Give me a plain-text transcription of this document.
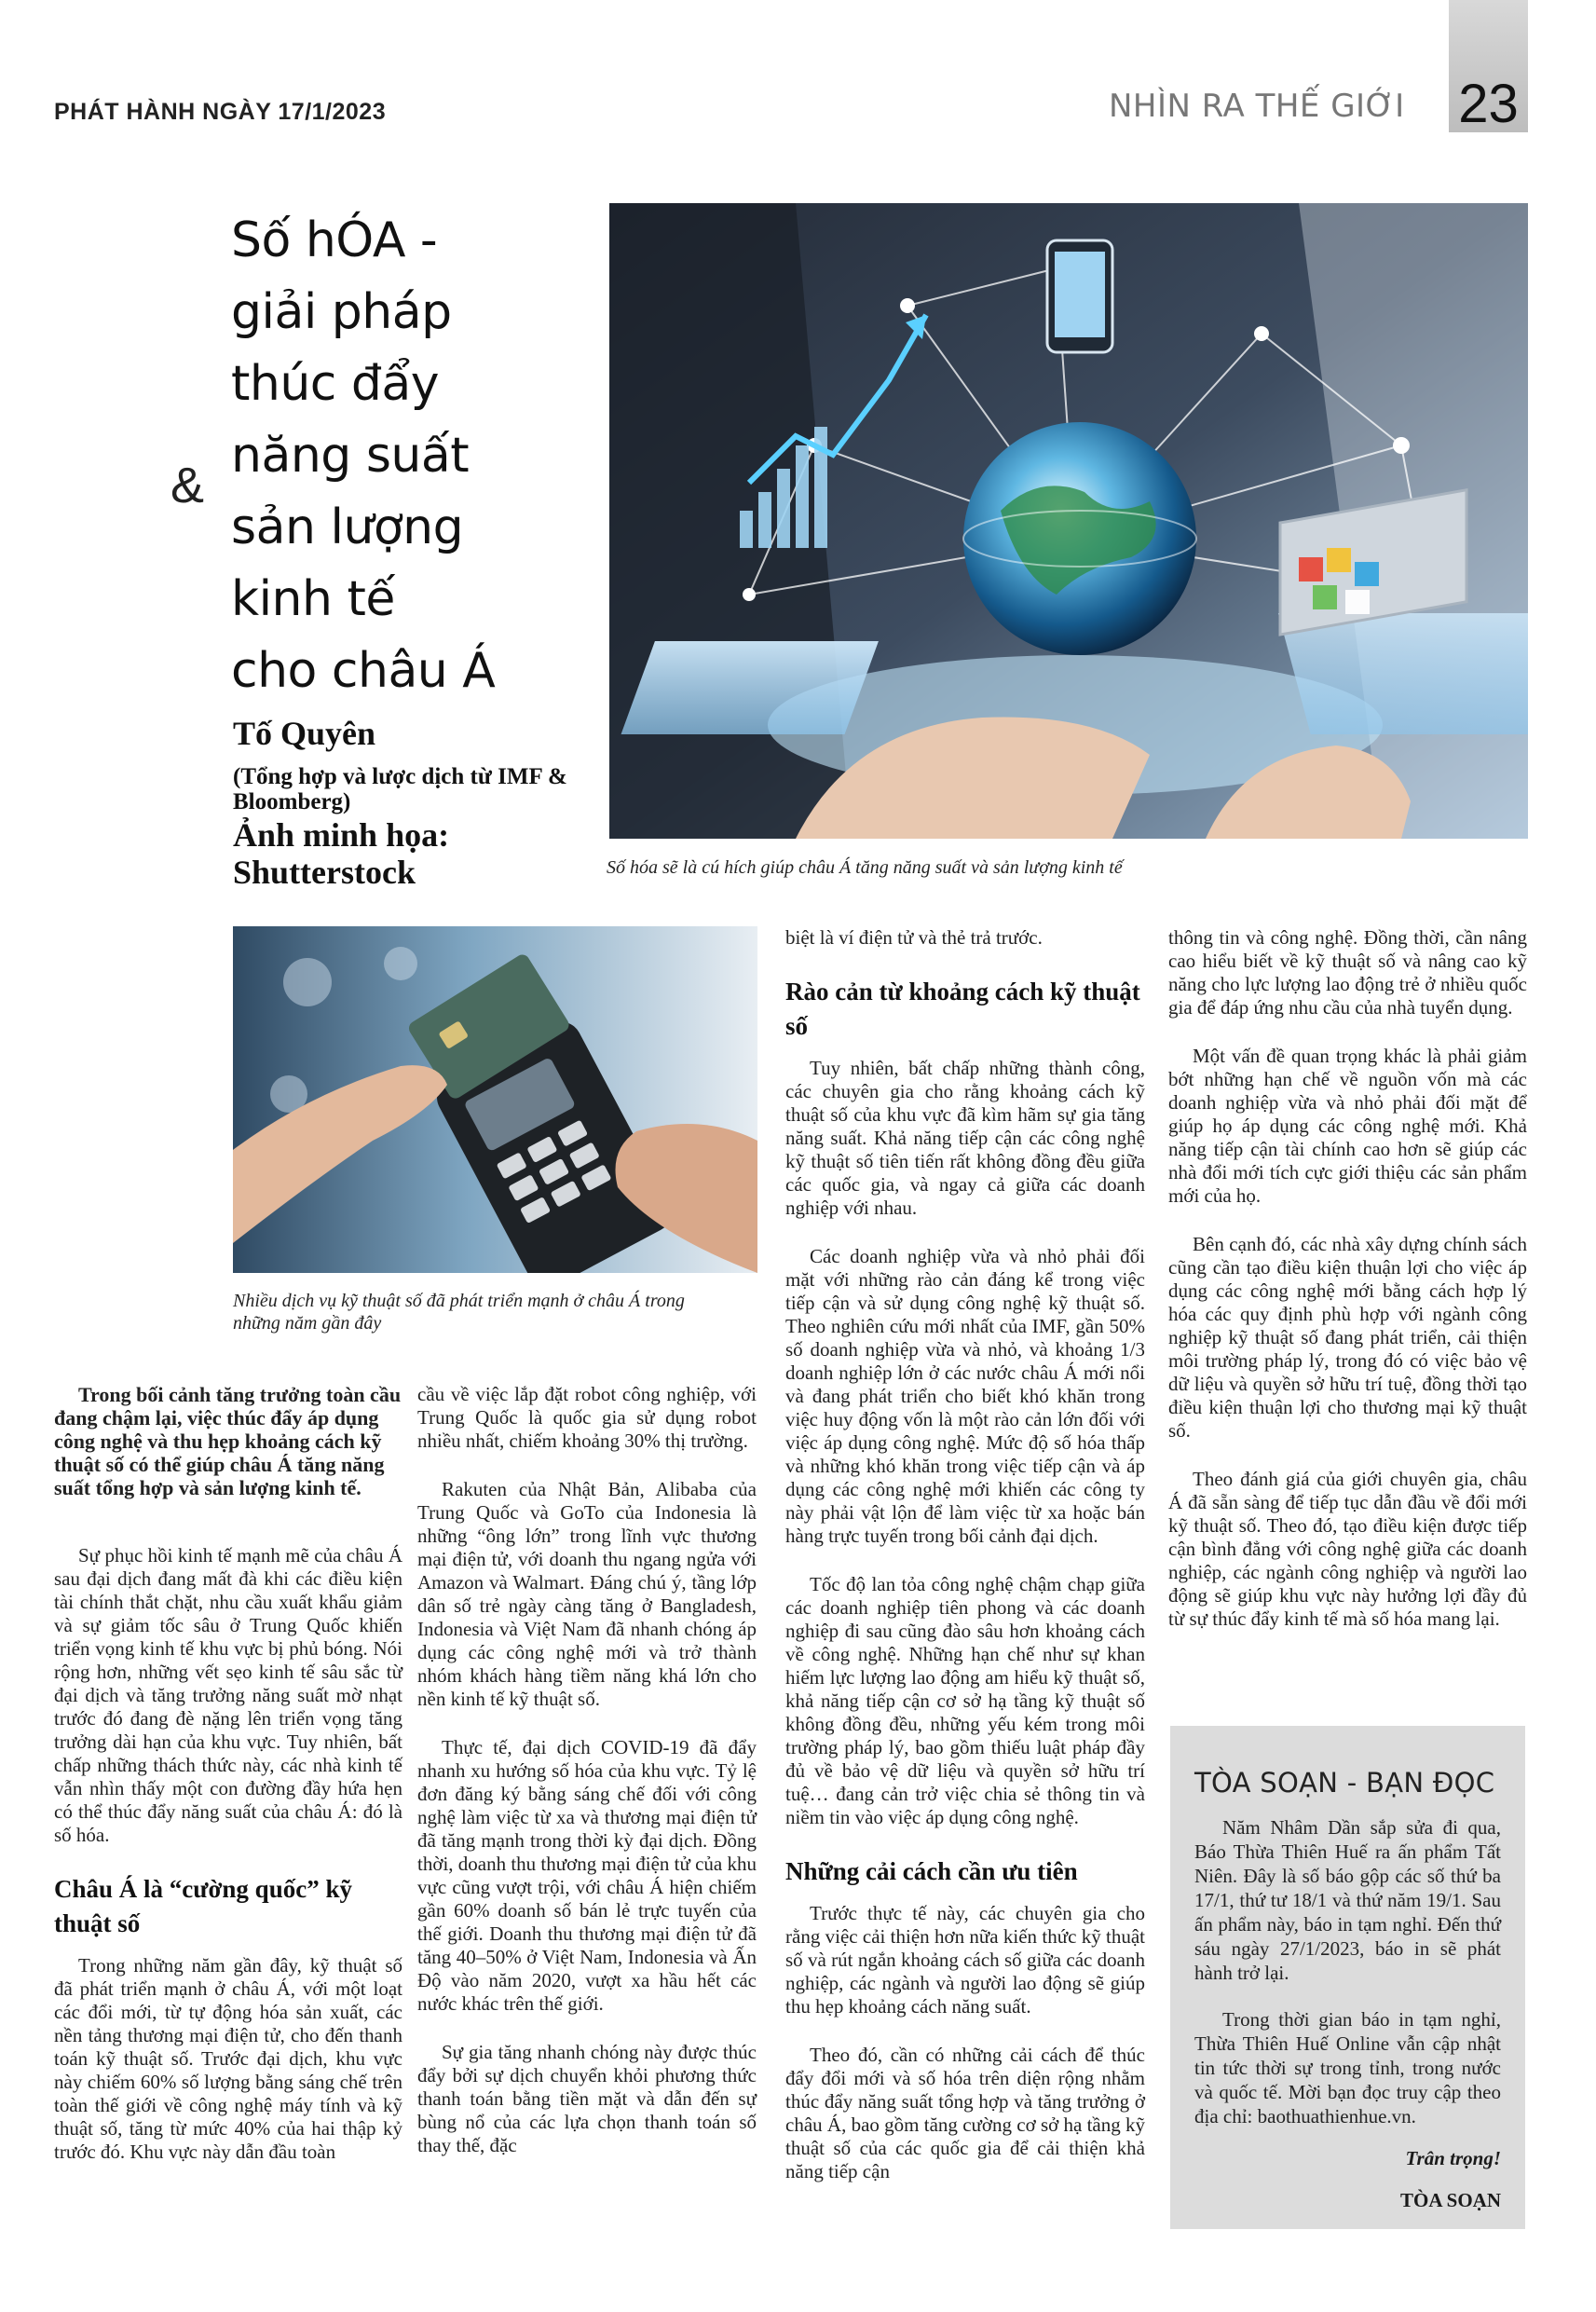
PHÁT HÀNH NGÀY 17/1/2023	NHÌN RA THẾ GIỚI 23
&
Số hÓA -
giải pháp
thúc đẩy
năng suất
sản lượng
kinh tế
cho châu Á
Tố Quyên
(Tổng hợp và lược dịch từ IMF & Bloomberg)
Ảnh minh họa: Shutterstock	Số hóa sẽ là cú hích giúp châu Á tăng năng suất và sản lượng kinh tế
Nhiều dịch vụ kỹ thuật số đã phát triển mạnh ở châu Á trong những năm gần đây

Trong bối cảnh tăng trưởng toàn cầu đang chậm lại, việc thúc đẩy áp dụng công nghệ và thu hẹp khoảng cách kỹ thuật số có thể giúp châu Á tăng năng suất tổng hợp và sản lượng kinh tế.

Sự phục hồi kinh tế mạnh mẽ của châu Á sau đại dịch đang mất đà khi các điều kiện tài chính thắt chặt, nhu cầu xuất khẩu giảm và sự giảm tốc sâu ở Trung Quốc khiến triển vọng kinh tế khu vực bị phủ bóng. Nói rộng hơn, những vết sẹo kinh tế sâu sắc từ đại dịch và tăng trưởng năng suất mờ nhạt trước đó đang đè nặng lên triển vọng tăng trưởng dài hạn của khu vực. Tuy nhiên, bất chấp những thách thức này, các nhà kinh tế vẫn nhìn thấy một con đường đầy hứa hẹn có thể thúc đẩy năng suất của châu Á: đó là số hóa.

Châu Á là “cường quốc” kỹ thuật số

Trong những năm gần đây, kỹ thuật số đã phát triển mạnh ở châu Á, với một loạt các đổi mới, từ tự động hóa sản xuất, các nền tảng thương mại điện tử, cho đến thanh toán kỹ thuật số. Trước đại dịch, khu vực này chiếm 60% số lượng bằng sáng chế trên toàn thế giới về công nghệ máy tính và kỹ thuật số, tăng từ mức 40% của hai thập kỷ trước đó. Khu vực này dẫn đầu toàn

cầu về việc lắp đặt robot công nghiệp, với Trung Quốc là quốc gia sử dụng robot nhiều nhất, chiếm khoảng 30% thị trường.

Rakuten của Nhật Bản, Alibaba của Trung Quốc và GoTo của Indonesia là những “ông lớn” trong lĩnh vực thương mại điện tử, với doanh thu ngang ngửa với Amazon và Walmart. Đáng chú ý, tầng lớp dân số trẻ ngày càng tăng ở Bangladesh, Indonesia và Việt Nam đã nhanh chóng áp dụng các công nghệ mới và trở thành nhóm khách hàng tiềm năng khá lớn cho nền kinh tế kỹ thuật số.

Thực tế, đại dịch COVID-19 đã đẩy nhanh xu hướng số hóa của khu vực. Tỷ lệ đơn đăng ký bằng sáng chế đối với công nghệ làm việc từ xa và thương mại điện tử đã tăng mạnh trong thời kỳ đại dịch. Đồng thời, doanh thu thương mại điện tử của khu vực cũng vượt trội, với châu Á hiện chiếm gần 60% doanh số bán lẻ trực tuyến của thế giới. Doanh thu thương mại điện tử đã tăng 40–50% ở Việt Nam, Indonesia và Ấn Độ vào năm 2020, vượt xa hầu hết các nước khác trên thế giới.

Sự gia tăng nhanh chóng này được thúc đẩy bởi sự dịch chuyển khỏi phương thức thanh toán bằng tiền mặt và dẫn đến sự bùng nổ của các lựa chọn thanh toán số thay thế, đặc

biệt là ví điện tử và thẻ trả trước.

Rào cản từ khoảng cách kỹ thuật số

Tuy nhiên, bất chấp những thành công, các chuyên gia cho rằng khoảng cách kỹ thuật số của khu vực đã kìm hãm sự gia tăng năng suất. Khả năng tiếp cận các công nghệ kỹ thuật số tiên tiến rất không đồng đều giữa các quốc gia, và ngay cả giữa các doanh nghiệp với nhau.

Các doanh nghiệp vừa và nhỏ phải đối mặt với những rào cản đáng kể trong việc tiếp cận và sử dụng công nghệ kỹ thuật số. Theo nghiên cứu mới nhất của IMF, gần 50% số doanh nghiệp vừa và nhỏ, và khoảng 1/3 doanh nghiệp lớn ở các nước châu Á mới nổi và đang phát triển cho biết khó khăn trong việc huy động vốn là một rào cản lớn đối với việc áp dụng công nghệ. Mức độ số hóa thấp và những khó khăn trong việc tiếp cận và áp dụng các công nghệ mới khiến các công ty này phải vật lộn để làm việc từ xa hoặc bán hàng trực tuyến trong bối cảnh đại dịch.

Tốc độ lan tỏa công nghệ chậm chạp giữa các doanh nghiệp tiên phong và các doanh nghiệp đi sau cũng đào sâu hơn khoảng cách về công nghệ. Những hạn chế như sự khan hiếm lực lượng lao động am hiểu kỹ thuật số, khả năng tiếp cận cơ sở hạ tầng kỹ thuật số không đồng đều, những yếu kém trong môi trường pháp lý, bao gồm thiếu luật pháp đầy đủ về bảo vệ dữ liệu và quyền sở hữu trí tuệ… đang cản trở việc chia sẻ thông tin và niềm tin vào việc áp dụng công nghệ.

Những cải cách cần ưu tiên

Trước thực tế này, các chuyên gia cho rằng việc cải thiện hơn nữa kiến thức kỹ thuật số và rút ngắn khoảng cách số giữa các doanh nghiệp, các ngành và người lao động sẽ giúp thu hẹp khoảng cách năng suất.

Theo đó, cần có những cải cách để thúc đẩy đổi mới và số hóa trên diện rộng nhằm thúc đẩy năng suất tổng hợp và tăng trưởng ở châu Á, bao gồm tăng cường cơ sở hạ tầng kỹ thuật số của các quốc gia để cải thiện khả năng tiếp cận

thông tin và công nghệ. Đồng thời, cần nâng cao hiểu biết về kỹ thuật số và nâng cao kỹ năng cho lực lượng lao động trẻ ở nhiều quốc gia để đáp ứng nhu cầu của nhà tuyển dụng.

Một vấn đề quan trọng khác là phải giảm bớt những hạn chế về nguồn vốn mà các doanh nghiệp vừa và nhỏ phải đối mặt để giúp họ áp dụng các công nghệ mới. Khả năng tiếp cận tài chính cao hơn sẽ giúp các nhà đổi mới tích cực giới thiệu các sản phẩm mới của họ.

Bên cạnh đó, các nhà xây dựng chính sách cũng cần tạo điều kiện thuận lợi cho việc áp dụng các công nghệ mới bằng cách hợp lý hóa các quy định phù hợp với ngành công nghiệp kỹ thuật số đang phát triển, cải thiện môi trường pháp lý, trong đó có việc bảo vệ dữ liệu và quyền sở hữu trí tuệ, đồng thời tạo điều kiện thuận lợi cho thương mại kỹ thuật số.

Theo đánh giá của giới chuyên gia, châu Á đã sẵn sàng để tiếp tục dẫn đầu về đổi mới kỹ thuật số. Theo đó, tạo điều kiện được tiếp cận bình đẳng với công nghệ giữa các doanh nghiệp, các ngành công nghiệp và người lao động sẽ giúp khu vực này hưởng lợi đầy đủ từ sự thúc đẩy kinh tế mà số hóa mang lại.

TÒA SOẠN - BẠN ĐỌC

Năm Nhâm Dần sắp sửa đi qua, Báo Thừa Thiên Huế ra ấn phẩm Tất Niên. Đây là số báo gộp các số thứ ba 17/1, thứ tư 18/1 và thứ năm 19/1. Sau ấn phẩm này, báo in tạm nghỉ. Đến thứ sáu ngày 27/1/2023, báo in sẽ phát hành trở lại.

Trong thời gian báo in tạm nghỉ, Thừa Thiên Huế Online vẫn cập nhật tin tức thời sự trong tỉnh, trong nước và quốc tế. Mời bạn đọc truy cập theo địa chỉ: baothuathienhue.vn.

Trân trọng!
TÒA SOẠN
